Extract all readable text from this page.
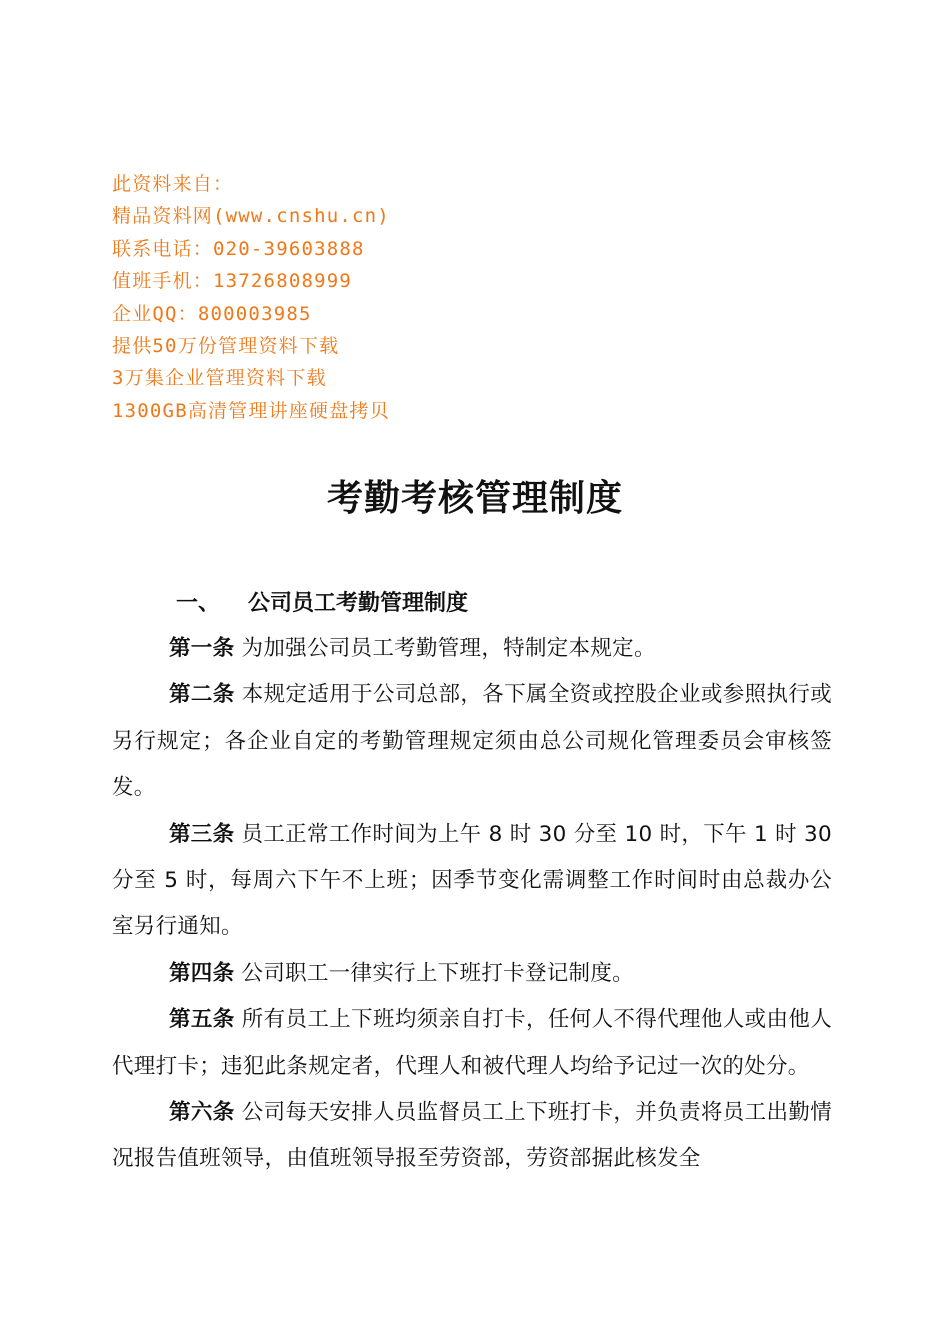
此资料来自：
精品资料网(www.cnshu.cn)
联系电话：020-39603888
值班手机：13726808999
企业QQ：800003985
提供50万份管理资料下载
3万集企业管理资料下载
1300GB高清管理讲座硬盘拷贝
考勤考核管理制度
一、 公司员工考勤管理制度

第一条 为加强公司员工考勤管理，特制定本规定。

第二条 本规定适用于公司总部，各下属全资或控股企业或参照执行或另行规定；各企业自定的考勤管理规定须由总公司规化管理委员会审核签发。

第三条 员工正常工作时间为上午 8 时 30 分至 10 时，下午 1 时 30 分至 5 时，每周六下午不上班；因季节变化需调整工作时间时由总裁办公室另行通知。

第四条 公司职工一律实行上下班打卡登记制度。

第五条 所有员工上下班均须亲自打卡，任何人不得代理他人或由他人代理打卡；违犯此条规定者，代理人和被代理人均给予记过一次的处分。

第六条 公司每天安排人员监督员工上下班打卡，并负责将员工出勤情况报告值班领导，由值班领导报至劳资部，劳资部据此核发全
